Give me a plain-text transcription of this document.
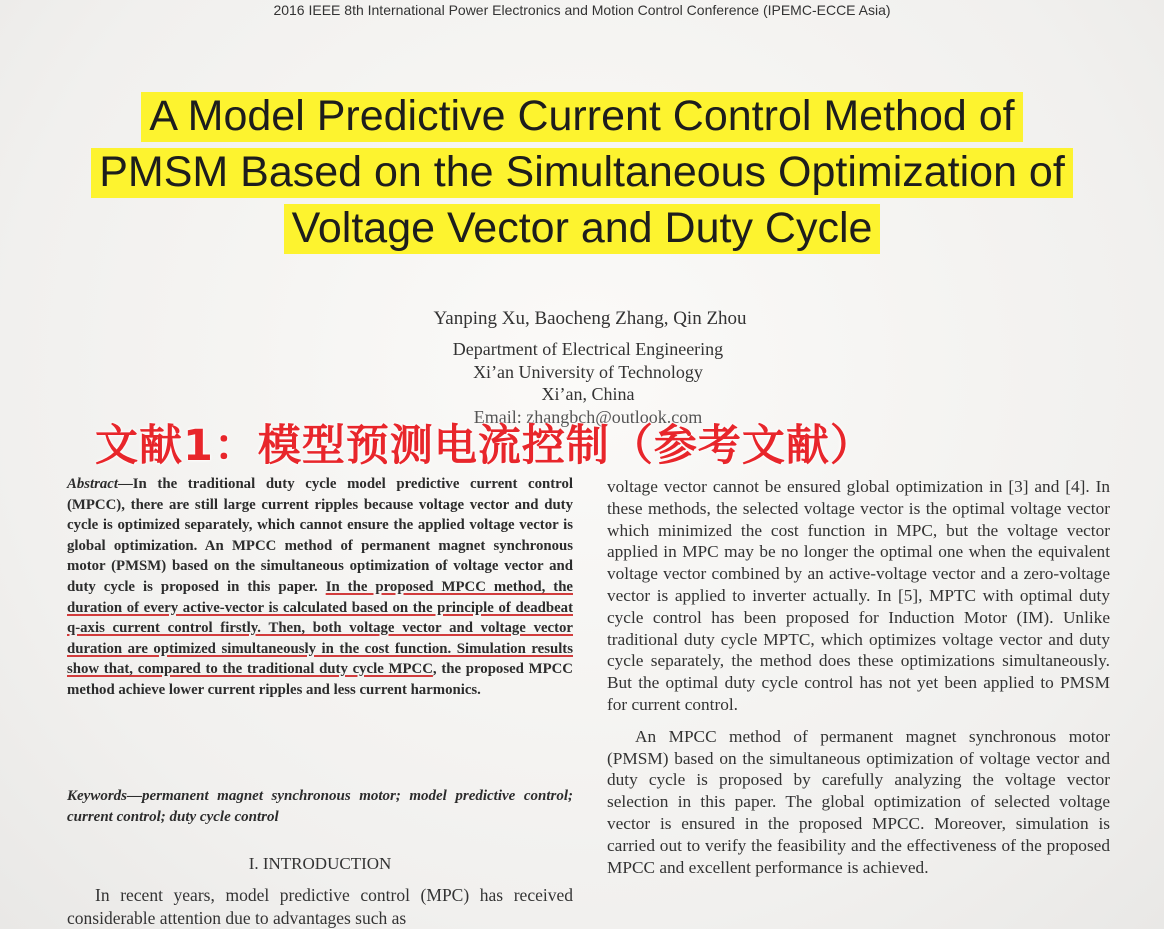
2016 IEEE 8th International Power Electronics and Motion Control Conference (IPEMC-ECCE Asia)
A Model Predictive Current Control Method of
PMSM Based on the Simultaneous Optimization of
Voltage Vector and Duty Cycle
Yanping Xu, Baocheng Zhang, Qin Zhou
Department of Electrical Engineering
Xi’an University of Technology
Xi’an, China
Email: zhangbch@outlook.com
文献1：模型预测电流控制（参考文献）
Abstract—In the traditional duty cycle model predictive current control (MPCC), there are still large current ripples because voltage vector and duty cycle is optimized separately, which cannot ensure the applied voltage vector is global optimization. An MPCC method of permanent magnet synchronous motor (PMSM) based on the simultaneous optimization of voltage vector and duty cycle is proposed in this paper. In the proposed MPCC method, the duration of every active-vector is calculated based on the principle of deadbeat q-axis current control firstly. Then, both voltage vector and voltage vector duration are optimized simultaneously in the cost function. Simulation results show that, compared to the traditional duty cycle MPCC, the proposed MPCC method achieve lower current ripples and less current harmonics.
Keywords—permanent magnet synchronous motor; model predictive control; current control; duty cycle control
I. INTRODUCTION
In recent years, model predictive control (MPC) has received considerable attention due to advantages such as

voltage vector cannot be ensured global optimization in [3] and [4]. In these methods, the selected voltage vector is the optimal voltage vector which minimized the cost function in MPC, but the voltage vector applied in MPC may be no longer the optimal one when the equivalent voltage vector combined by an active-voltage vector and a zero-voltage vector is applied to inverter actually. In [5], MPTC with optimal duty cycle control has been proposed for Induction Motor (IM). Unlike traditional duty cycle MPTC, which optimizes voltage vector and duty cycle separately, the method does these optimizations simultaneously. But the optimal duty cycle control has not yet been applied to PMSM for current control.

An MPCC method of permanent magnet synchronous motor (PMSM) based on the simultaneous optimization of voltage vector and duty cycle is proposed by carefully analyzing the voltage vector selection in this paper. The global optimization of selected voltage vector is ensured in the proposed MPCC. Moreover, simulation is carried out to verify the feasibility and the effectiveness of the proposed MPCC and excellent performance is achieved.
